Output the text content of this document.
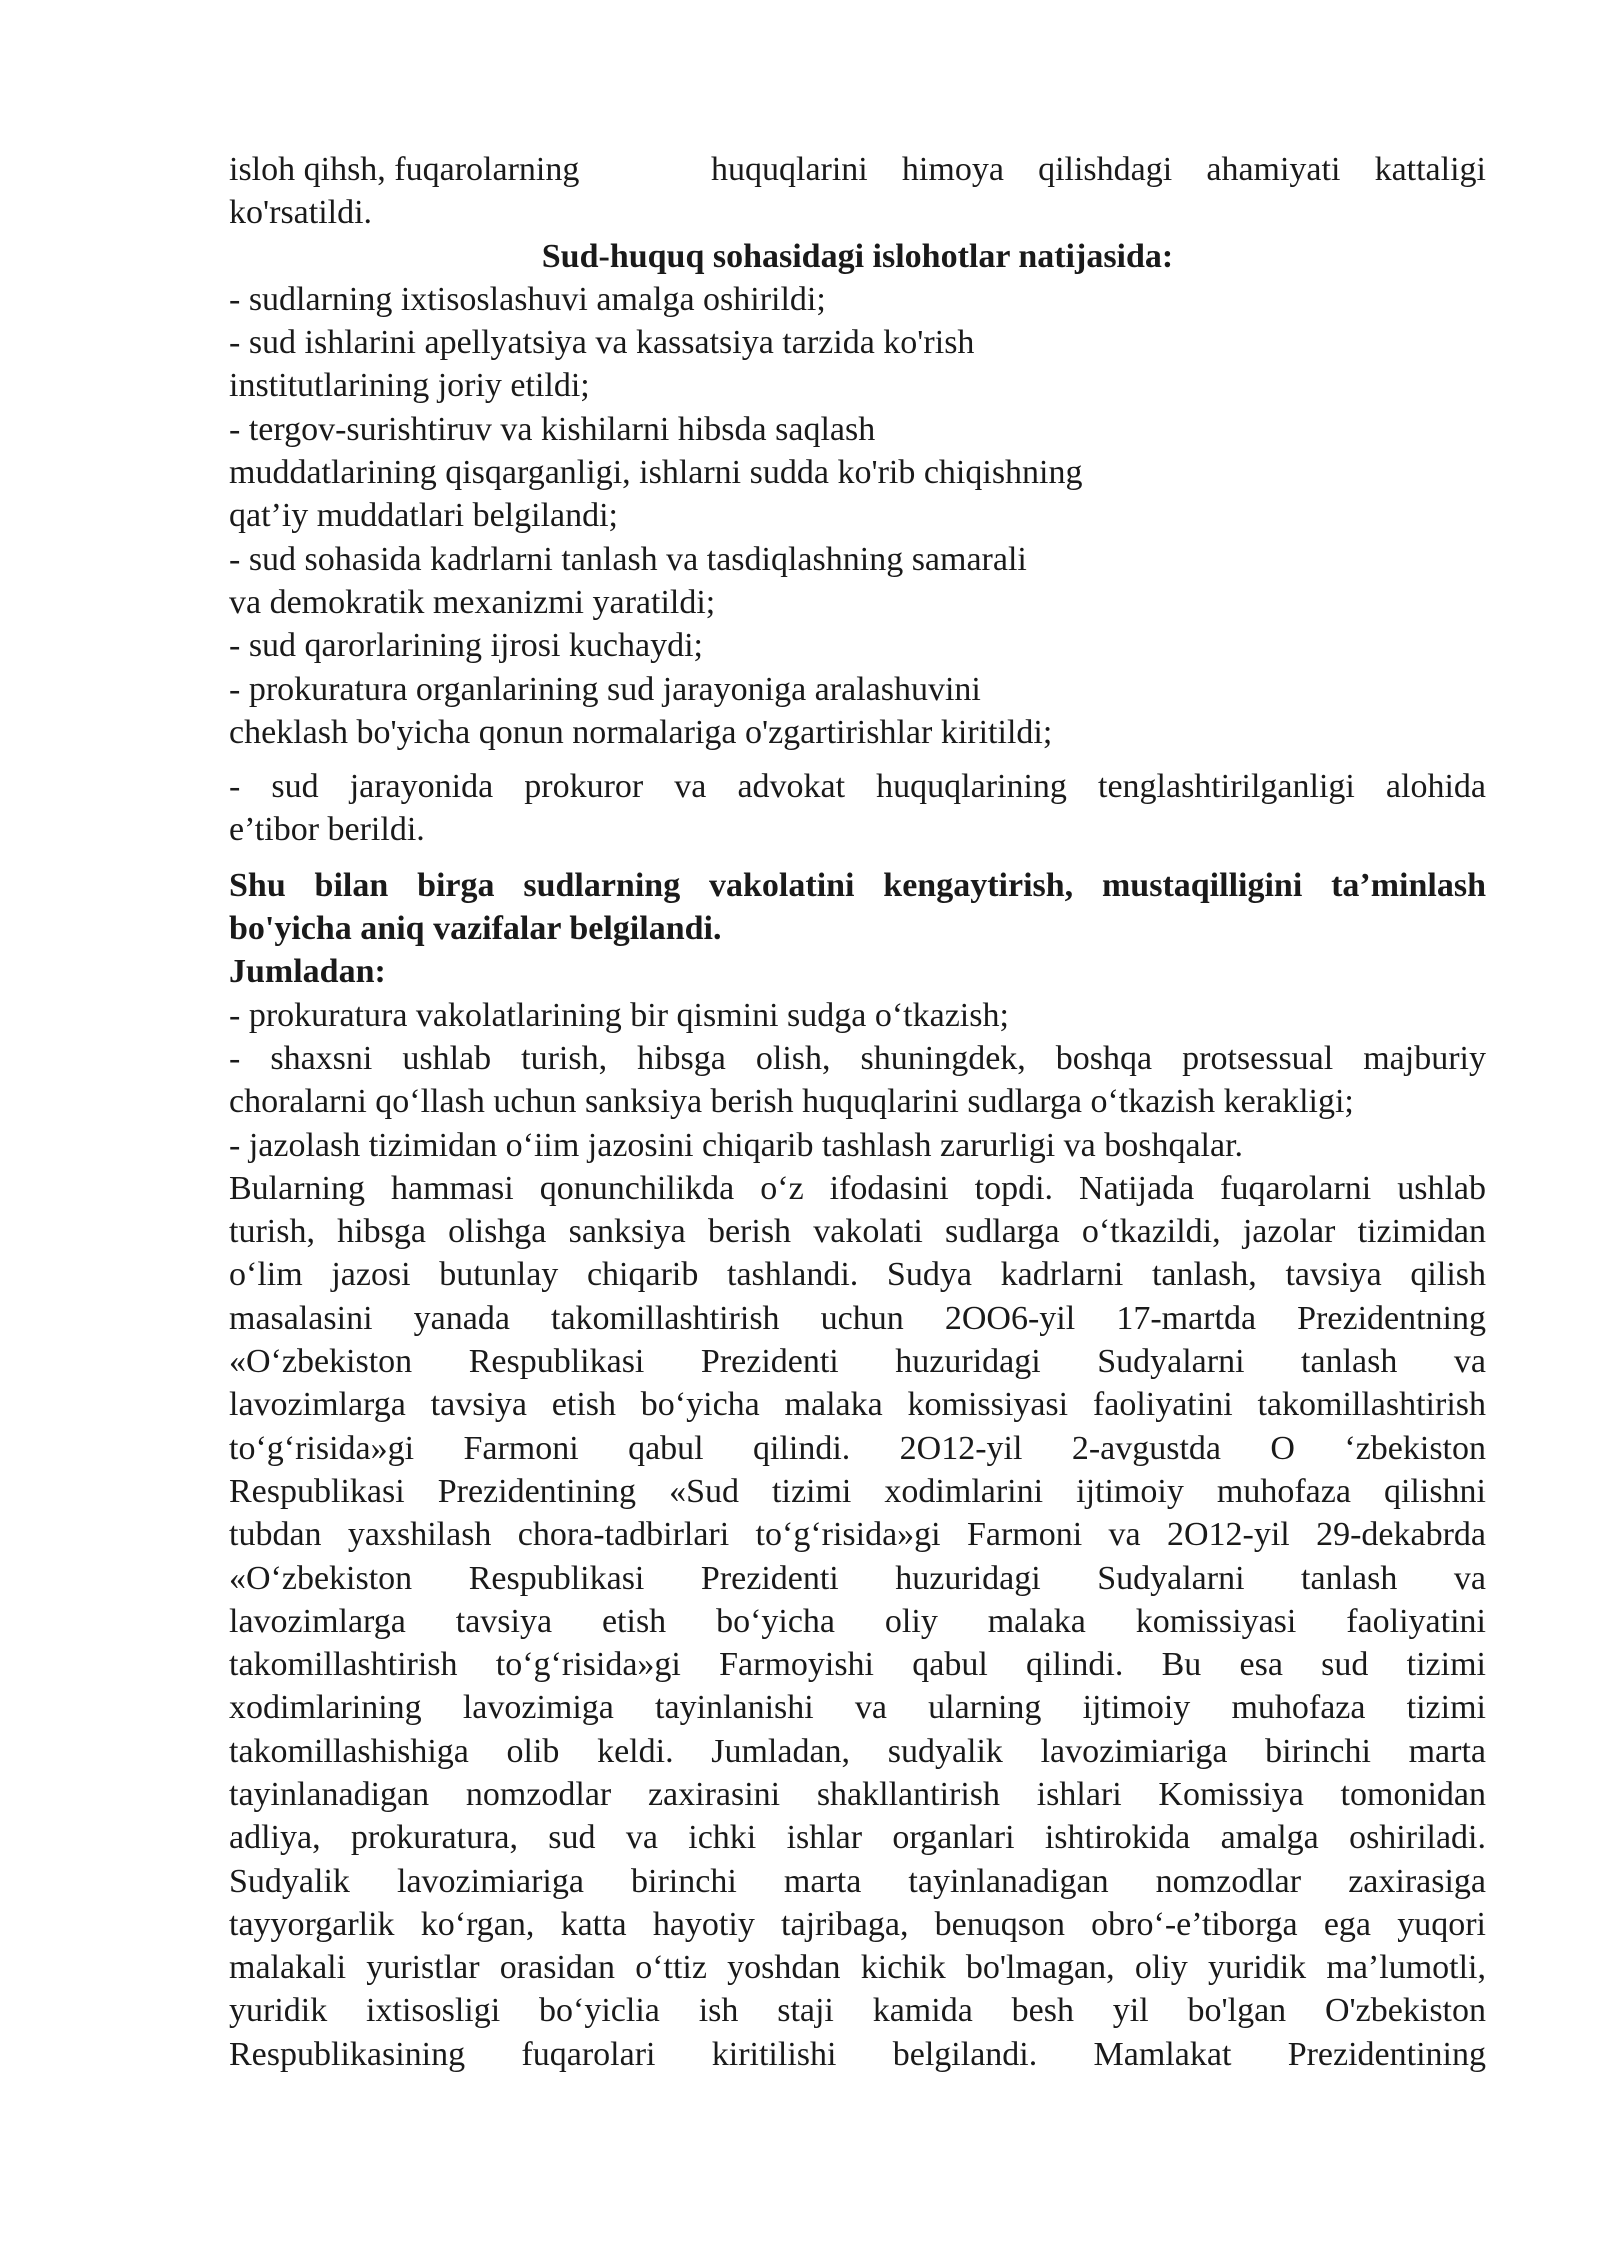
isloh qihsh, fuqarolarning	huquqlarini himoya qilishdagi ahamiyati kattaligi
ko'rsatildi.
Sud-huquq sohasidagi islohotlar natijasida:
- sudlarning ixtisoslashuvi amalga oshirildi;
- sud ishlarini apellyatsiya va kassatsiya tarzida ko'rish
institutlarining joriy etildi;
- tergov-surishtiruv va kishilarni hibsda saqlash
muddatlarining qisqarganligi, ishlarni sudda ko'rib chiqishning
qat’iy muddatlari belgilandi;
- sud sohasida kadrlarni tanlash va tasdiqlashning samarali
va demokratik mexanizmi yaratildi;
- sud qarorlarining ijrosi kuchaydi;
- prokuratura organlarining sud jarayoniga aralashuvini
cheklash bo'yicha qonun normalariga o'zgartirishlar kiritildi;
- sud jarayonida prokuror va advokat huquqlarining tenglashtirilganligi alohida
e’tibor berildi.
Shu bilan birga sudlarning vakolatini kengaytirish, mustaqilligini ta’minlash
bo'yicha aniq vazifalar belgilandi.
Jumladan:
- prokuratura vakolatlarining bir qismini sudga o‘tkazish;
- shaxsni ushlab turish, hibsga olish, shuningdek, boshqa protsessual majburiy
choralarni qo‘llash uchun sanksiya berish huquqlarini sudlarga o‘tkazish kerakligi;
- jazolash tizimidan o‘iim jazosini chiqarib tashlash zarurligi va boshqalar.
Bularning hammasi qonunchilikda o‘z ifodasini topdi. Natijada fuqarolarni ushlab
turish, hibsga olishga sanksiya berish vakolati sudlarga o‘tkazildi, jazolar tizimidan
o‘lim jazosi butunlay chiqarib tashlandi. Sudya kadrlarni tanlash, tavsiya qilish
masalasini yanada takomillashtirish uchun 2OO6-yil 17-martda Prezidentning
«O‘zbekiston Respublikasi Prezidenti huzuridagi Sudyalarni tanlash va
lavozimlarga tavsiya etish bo‘yicha malaka komissiyasi faoliyatini takomillashtirish
to‘g‘risida»gi Farmoni qabul qilindi. 2O12-yil 2-avgustda O ‘zbekiston
Respublikasi Prezidentining «Sud tizimi xodimlarini ijtimoiy muhofaza qilishni
tubdan yaxshilash chora-tadbirlari to‘g‘risida»gi Farmoni va 2O12-yil 29-dekabrda
«O‘zbekiston Respublikasi Prezidenti huzuridagi Sudyalarni tanlash va
lavozimlarga tavsiya etish bo‘yicha oliy malaka komissiyasi faoliyatini
takomillashtirish to‘g‘risida»gi Farmoyishi qabul qilindi. Bu esa sud tizimi
xodimlarining lavozimiga tayinlanishi va ularning ijtimoiy muhofaza tizimi
takomillashishiga olib keldi. Jumladan, sudyalik lavozimiariga birinchi marta
tayinlanadigan nomzodlar zaxirasini shakllantirish ishlari Komissiya tomonidan
adliya, prokuratura, sud va ichki ishlar organlari ishtirokida amalga oshiriladi.
Sudyalik lavozimiariga birinchi marta tayinlanadigan nomzodlar zaxirasiga
tayyorgarlik ko‘rgan, katta hayotiy tajribaga, benuqson obro‘-e’tiborga ega yuqori
malakali yuristlar orasidan o‘ttiz yoshdan kichik bo'lmagan, oliy yuridik ma’lumotli,
yuridik ixtisosligi bo‘yiclia ish staji kamida besh yil bo'lgan O'zbekiston
Respublikasining fuqarolari kiritilishi belgilandi. Mamlakat Prezidentining
